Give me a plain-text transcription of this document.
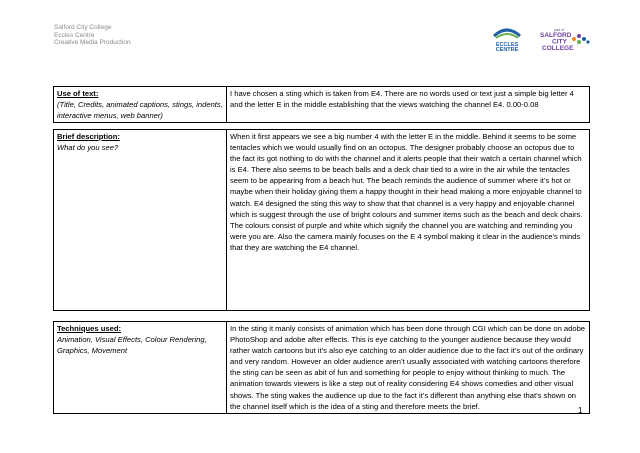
Salford City College
Eccles Centre
Creative Media Production	ECCLES
CENTRE
part of
SALFORD
CITY
COLLEGE
Use of text:
(Title, Credits, animated captions, stings, indents, interactive menus, web banner)

I have chosen a sting which is taken from E4. There are no words used or text just a simple big letter 4 and the letter E in the middle establishing that the views watching the channel E4. 0.00-0.08
Brief description:
What do you see?

When it first appears we see a big number 4 with the letter E in the middle. Behind it seems to be some tentacles which we would usually find on an octopus. The designer probably choose an octopus due to the fact its got nothing to do with the channel and it alerts people that their watch a certain channel which is E4. There also seems to be beach balls and a deck chair tied to a wire in the air while the tentacles seem to be appearing from a beach hut. The beach reminds the audience of summer where it’s hot or maybe when their holiday giving them a happy thought in their head making a more enjoyable channel to watch. E4 designed the sting this way to show that that channel is a very happy and enjoyable channel which is suggest through the use of bright colours and summer items such as the beach and deck chairs.
The colours consist of purple and white which signify the channel you are watching and reminding you were you are. Also the camera mainly focuses on the E 4 symbol making it clear in the audience’s minds that they are watching the E4 channel.
Techniques used:
Animation, Visual Effects, Colour Rendering, Graphics, Movement

In the sting it manly consists of animation which has been done through CGI which can be done on adobe PhotoShop and adobe after effects. This is eye catching to the younger audience because they would rather watch cartoons but it’s also eye catching to an older audience due to the fact it’s out of the ordinary and very random. However an older audience aren’t usually associated with watching cartoons therefore the sting can be seen as abit of fun and something for people to enjoy without thinking to much. The animation towards viewers is like a step out of reality considering E4 shows comedies and other visual shows. The sting wakes the audience up due to the fact it’s different than anything else that’s shown on the channel itself which is the idea of a sting and therefore meets the brief.	1
